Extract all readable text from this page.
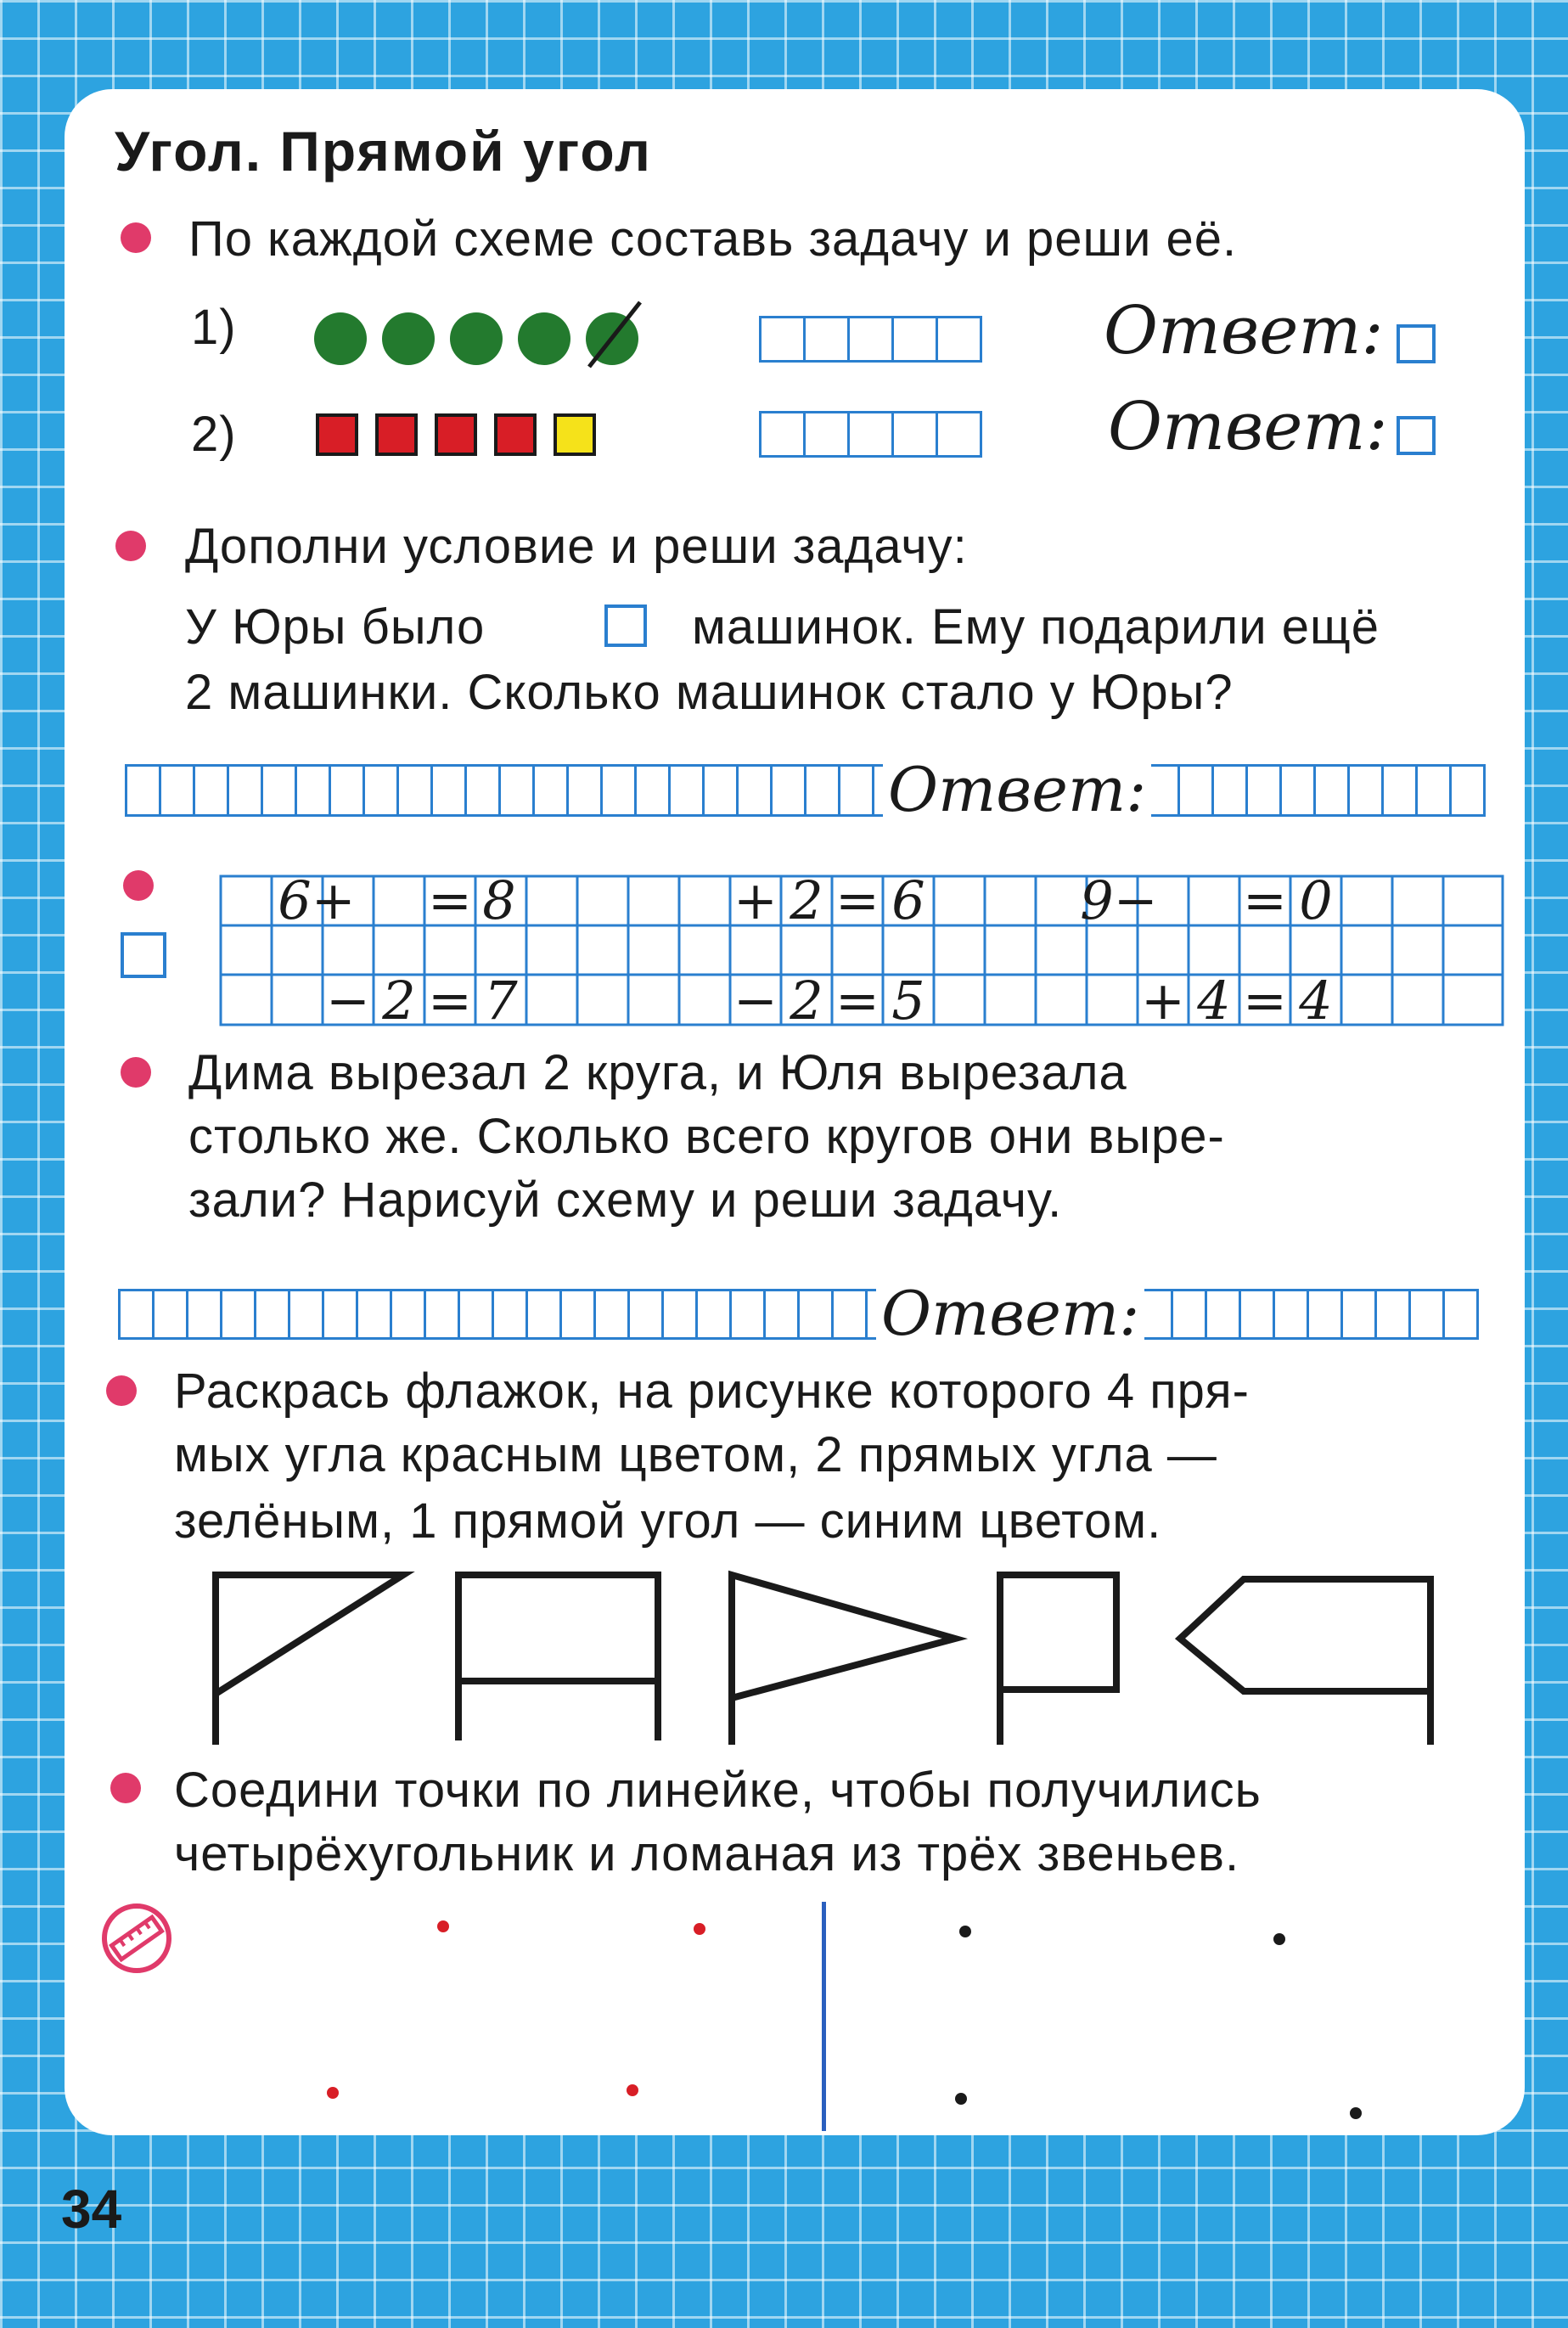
Угол. Прямой угол
По каждой схеме составь задачу и реши её.
1)	Ответ:
2)	Ответ:
Дополни условие и реши задачу:
У Юры было	машинок. Ему подарили ещё
2 машинки. Сколько машинок стало у Юры?
Ответ:
6+ = 8	+ 2 = 6	9− = 0
− 2 = 7	− 2 = 5	+ 4 = 4
Дима вырезал 2 круга, и Юля вырезала
столько же. Сколько всего кругов они выре-
зали? Нарисуй схему и реши задачу.
Ответ:
Раскрась флажок, на рисунке которого 4 пря-
мых угла красным цветом, 2 прямых угла —
зелёным, 1 прямой угол — синим цветом.
Соедини точки по линейке, чтобы получились
четырёхугольник и ломаная из трёх звеньев.
34
